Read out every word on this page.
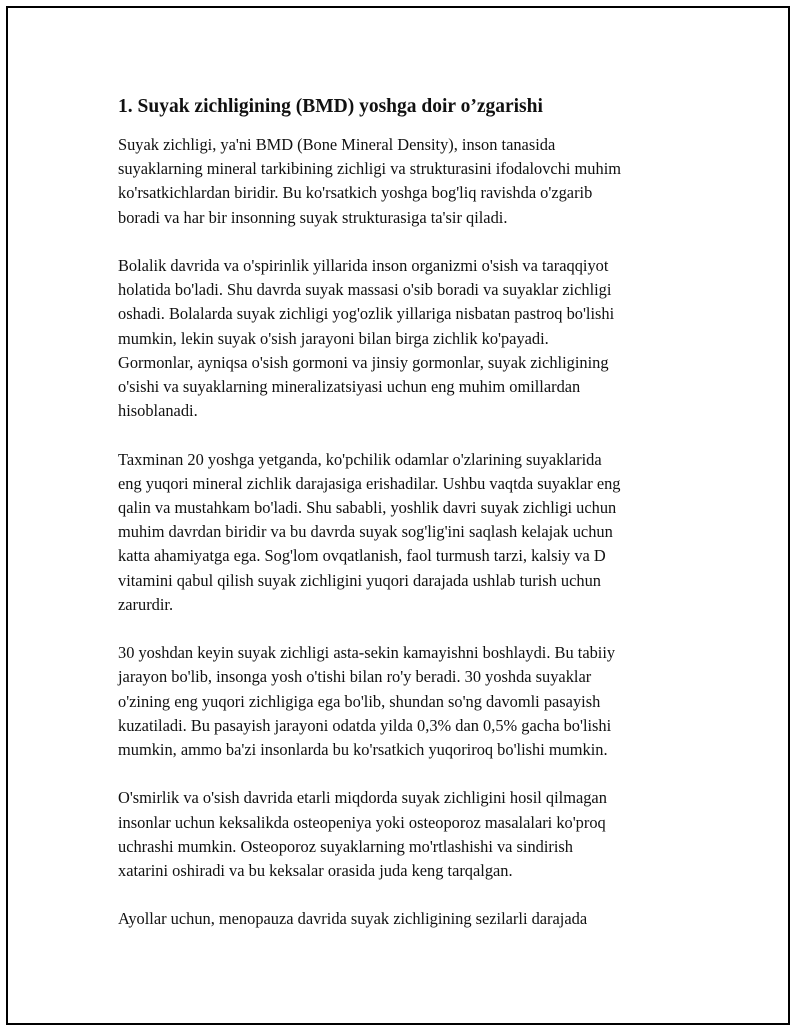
1. Suyak zichligining (BMD) yoshga doir o’zgarishi

Suyak zichligi, ya'ni BMD (Bone Mineral Density), inson tanasida
suyaklarning mineral tarkibining zichligi va strukturasini ifodalovchi muhim
ko'rsatkichlardan biridir. Bu ko'rsatkich yoshga bog'liq ravishda o'zgarib
boradi va har bir insonning suyak strukturasiga ta'sir qiladi.

Bolalik davrida va o'spirinlik yillarida inson organizmi o'sish va taraqqiyot
holatida bo'ladi. Shu davrda suyak massasi o'sib boradi va suyaklar zichligi
oshadi. Bolalarda suyak zichligi yog'ozlik yillariga nisbatan pastroq bo'lishi
mumkin, lekin suyak o'sish jarayoni bilan birga zichlik ko'payadi.
Gormonlar, ayniqsa o'sish gormoni va jinsiy gormonlar, suyak zichligining
o'sishi va suyaklarning mineralizatsiyasi uchun eng muhim omillardan
hisoblanadi.

Taxminan 20 yoshga yetganda, ko'pchilik odamlar o'zlarining suyaklarida
eng yuqori mineral zichlik darajasiga erishadilar. Ushbu vaqtda suyaklar eng
qalin va mustahkam bo'ladi. Shu sababli, yoshlik davri suyak zichligi uchun
muhim davrdan biridir va bu davrda suyak sog'lig'ini saqlash kelajak uchun
katta ahamiyatga ega. Sog'lom ovqatlanish, faol turmush tarzi, kalsiy va D
vitamini qabul qilish suyak zichligini yuqori darajada ushlab turish uchun
zarurdir.

30 yoshdan keyin suyak zichligi asta-sekin kamayishni boshlaydi. Bu tabiiy
jarayon bo'lib, insonga yosh o'tishi bilan ro'y beradi. 30 yoshda suyaklar
o'zining eng yuqori zichligiga ega bo'lib, shundan so'ng davomli pasayish
kuzatiladi. Bu pasayish jarayoni odatda yilda 0,3% dan 0,5% gacha bo'lishi
mumkin, ammo ba'zi insonlarda bu ko'rsatkich yuqoriroq bo'lishi mumkin.

O'smirlik va o'sish davrida etarli miqdorda suyak zichligini hosil qilmagan
insonlar uchun keksalikda osteopeniya yoki osteoporoz masalalari ko'proq
uchrashi mumkin. Osteoporoz suyaklarning mo'rtlashishi va sindirish
xatarini oshiradi va bu keksalar orasida juda keng tarqalgan.

Ayollar uchun, menopauza davrida suyak zichligining sezilarli darajada
